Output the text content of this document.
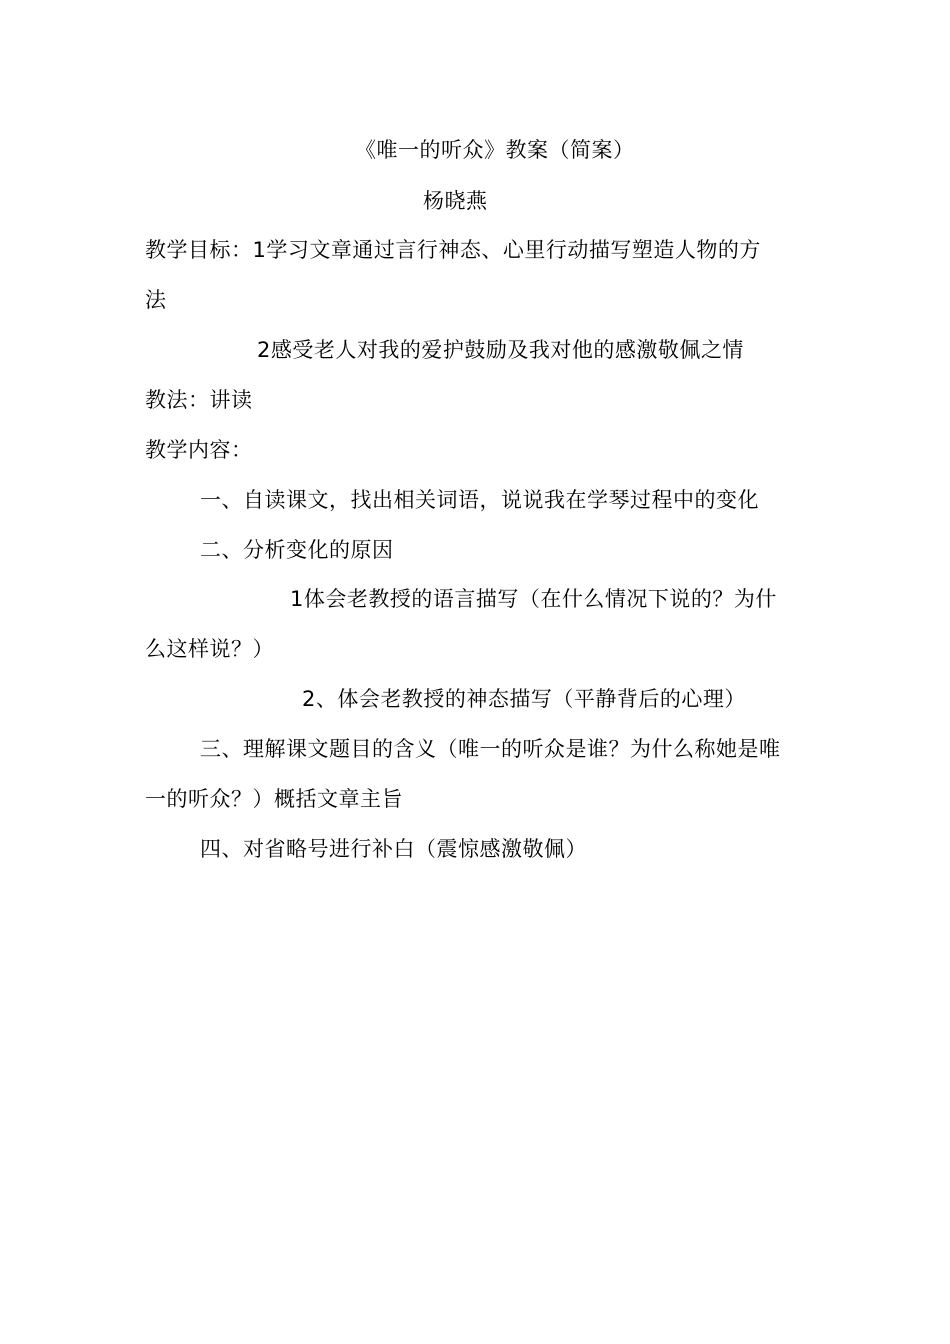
《唯一的听众》教案（简案）
杨晓燕
教学目标：1学习文章通过言行神态、心里行动描写塑造人物的方
法
2感受老人对我的爱护鼓励及我对他的感激敬佩之情
教法：讲读
教学内容：
一、自读课文，找出相关词语，说说我在学琴过程中的变化
二、分析变化的原因
1体会老教授的语言描写（在什么情况下说的？为什
么这样说？）
2、体会老教授的神态描写（平静背后的心理）
三、理解课文题目的含义（唯一的听众是谁？为什么称她是唯
一的听众？）概括文章主旨
四、对省略号进行补白（震惊感激敬佩）
